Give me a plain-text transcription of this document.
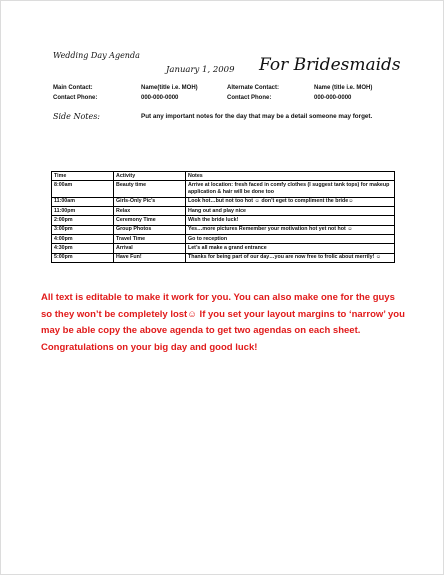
Wedding Day Agenda
January 1, 2009 For Bridesmaids
Main Contact:	Name(title i.e. MOH)	Alternate Contact:	Name (title i.e. MOH)
Contact Phone:	000-000-0000	Contact Phone:	000-000-0000
Side Notes:	Put any important notes for the day that may be a detail someone may forget.
Time	Activity	Notes
8:00am	Beauty time	Arrive at location: fresh faced in comfy clothes (I suggest tank tops) for makeup application & hair will be done too
11:00am	Girls-Only Pic’s	Look hot…but not too hot ☺ don’t eget to compliment the bride☺
11:00pm	Relax	Hang out and play nice
2:00pm	Ceremony Time	Wish the bride luck!
3:00pm	Group Photos	Yes…more pictures Remember your motivation hot yet not hot ☺
4:00pm	Travel Time	Go to reception
4:30pm	Arrival	Let’s all make a grand entrance
5:00pm	Have Fun!	Thanks for being part of our day…you are now free to frolic about merrily! ☺
All text is editable to make it work for you. You can also make one for the guys so they won’t be completely lost☺ If you set your layout margins to ‘narrow’ you may be able copy the above agenda to get two agendas on each sheet. Congratulations on your big day and good luck!
